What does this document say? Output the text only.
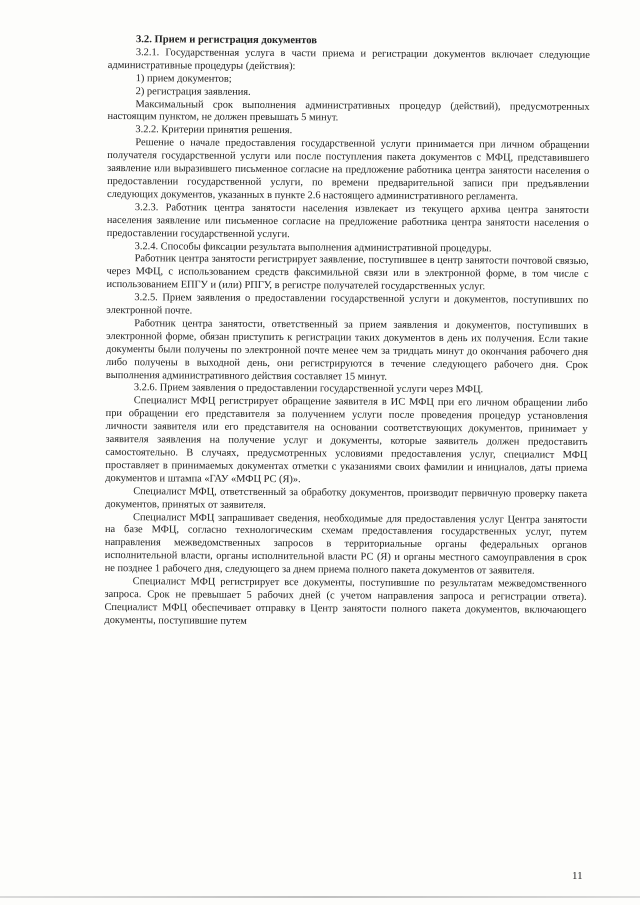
3.2. Прием и регистрация документов

3.2.1. Государственная услуга в части приема и регистрации документов включает следующие административные процедуры (действия):

1) прием документов;

2) регистрация заявления.

Максимальный срок выполнения административных процедур (действий), предусмотренных настоящим пунктом, не должен превышать 5 минут.

3.2.2. Критерии принятия решения.

Решение о начале предоставления государственной услуги принимается при личном обращении получателя государственной услуги или после поступления пакета документов с МФЦ, представившего заявление или выразившего письменное согласие на предложение работника центра занятости населения о предоставлении государственной услуги, по времени предварительной записи при предъявлении следующих документов, указанных в пункте 2.6 настоящего административного регламента.

3.2.3. Работник центра занятости населения извлекает из текущего архива центра занятости населения заявление или письменное согласие на предложение работника центра занятости населения о предоставлении государственной услуги.

3.2.4. Способы фиксации результата выполнения административной процедуры.

Работник центра занятости регистрирует заявление, поступившее в центр занятости почтовой связью, через МФЦ, с использованием средств факсимильной связи или в электронной форме, в том числе с использованием ЕПГУ и (или) РПГУ, в регистре получателей государственных услуг.

3.2.5. Прием заявления о предоставлении государственной услуги и документов, поступивших по электронной почте.

Работник центра занятости, ответственный за прием заявления и документов, поступивших в электронной форме, обязан приступить к регистрации таких документов в день их получения. Если такие документы были получены по электронной почте менее чем за тридцать минут до окончания рабочего дня либо получены в выходной день, они регистрируются в течение следующего рабочего дня. Срок выполнения административного действия составляет 15 минут.

3.2.6. Прием заявления о предоставлении государственной услуги через МФЦ.

Специалист МФЦ регистрирует обращение заявителя в ИС МФЦ при его личном обращении либо при обращении его представителя за получением услуги после проведения процедур установления личности заявителя или его представителя на основании соответствующих документов, принимает у заявителя заявления на получение услуг и документы, которые заявитель должен предоставить самостоятельно. В случаях, предусмотренных условиями предоставления услуг, специалист МФЦ проставляет в принимаемых документах отметки с указаниями своих фамилии и инициалов, даты приема документов и штампа «ГАУ «МФЦ РС (Я)».

Специалист МФЦ, ответственный за обработку документов, производит первичную проверку пакета документов, принятых от заявителя.

Специалист МФЦ запрашивает сведения, необходимые для предоставления услуг Центра занятости на базе МФЦ, согласно технологическим схемам предоставления государственных услуг, путем направления межведомственных запросов в территориальные органы федеральных органов исполнительной власти, органы исполнительной власти РС (Я) и органы местного самоуправления в срок не позднее 1 рабочего дня, следующего за днем приема полного пакета документов от заявителя.

Специалист МФЦ регистрирует все документы, поступившие по результатам межведомственного запроса. Срок не превышает 5 рабочих дней (с учетом направления запроса и регистрации ответа). Специалист МФЦ обеспечивает отправку в Центр занятости полного пакета документов, включающего документы, поступившие путем

11
